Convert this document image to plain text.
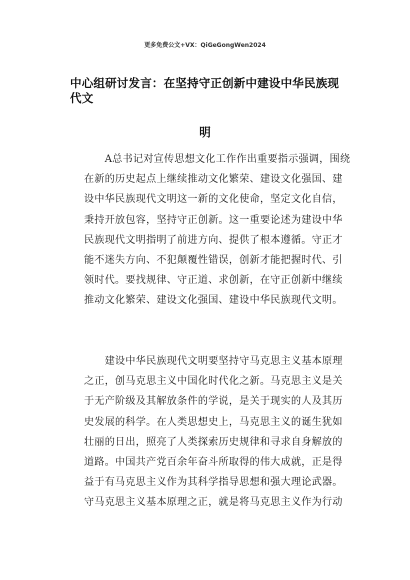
更多免费公文+VX：QiGeGongWen2024
中心组研讨发言：在坚持守正创新中建设中华民族现代文
明
　　A总书记对宣传思想文化工作作出重要指示强调，围绕
在新的历史起点上继续推动文化繁荣、建设文化强国、建
设中华民族现代文明这一新的文化使命，坚定文化自信，
秉持开放包容，坚持守正创新。这一重要论述为建设中华
民族现代文明指明了前进方向、提供了根本遵循。守正才
能不迷失方向、不犯颠覆性错误，创新才能把握时代、引
领时代。要找规律、守正道、求创新，在守正创新中继续
推动文化繁荣、建设文化强国、建设中华民族现代文明。
　　建设中华民族现代文明要坚持守马克思主义基本原理
之正，创马克思主义中国化时代化之新。马克思主义是关
于无产阶级及其解放条件的学说，是关于现实的人及其历
史发展的科学。在人类思想史上，马克思主义的诞生犹如
壮丽的日出，照亮了人类探索历史规律和寻求自身解放的
道路。中国共产党百余年奋斗所取得的伟大成就，正是得
益于有马克思主义作为其科学指导思想和强大理论武器。
守马克思主义基本原理之正，就是将马克思主义作为行动
